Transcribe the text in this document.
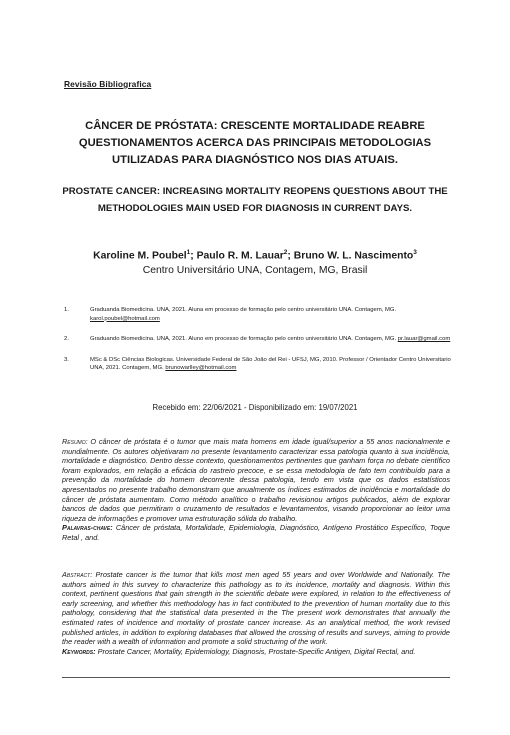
Revisão Bibliografica
CÂNCER DE PRÓSTATA: CRESCENTE MORTALIDADE REABRE QUESTIONAMENTOS ACERCA DAS PRINCIPAIS METODOLOGIAS UTILIZADAS PARA DIAGNÓSTICO NOS DIAS ATUAIS.
PROSTATE CANCER: INCREASING MORTALITY REOPENS QUESTIONS ABOUT THE METHODOLOGIES MAIN USED FOR DIAGNOSIS IN CURRENT DAYS.
Karoline M. Poubel$^1$; Paulo R. M. Lauar$^2$; Bruno W. L. Nascimento$^3$
Centro Universitário UNA, Contagem, MG, Brasil
1.	Graduanda Biomedicina. UNA, 2021. Aluna em processo de formação pelo centro universitário UNA. Contagem, MG. karol.poubel@hotmail.com
2.	Graduando Biomedicina. UNA, 2021. Aluno em processo de formação pelo centro universitário UNA. Contagem, MG. pr.lauar@gmail.com
3.	MSc & DSc Ciências Biologicas. Universidade Federal de São João del Rei - UFSJ, MG, 2010. Professor / Orientador Centro Universitario UNA, 2021. Contagem, MG. brunowarlley@hotmail.com
Recebido em: 22/06/2021 - Disponibilizado em: 19/07/2021
Resumo: O câncer de próstata é o tumor que mais mata homens em idade igual/superior a 55 anos nacionalmente e mundialmente. Os autores objetivaram no presente levantamento caracterizar essa patologia quanto à sua incidência, mortalidade e diagnóstico. Dentro desse contexto, questionamentos pertinentes que ganham força no debate científico foram explorados, em relação a eficácia do rastreio precoce, e se essa metodologia de fato tem contribuído para a prevenção da mortalidade do homem decorrente dessa patologia, tendo em vista que os dados estatísticos apresentados no presente trabalho demonstram que anualmente os índices estimados de incidência e mortalidade do câncer de próstata aumentam. Como método analítico o trabalho revisionou artigos publicados, além de explorar bancos de dados que permitiram o cruzamento de resultados e levantamentos, visando proporcionar ao leitor uma riqueza de informações e promover uma estruturação sólida do trabalho.
Palavras-chave: Câncer de próstata, Mortalidade, Epidemiologia, Diagnóstico, Antígeno Prostático Específico, Toque Retal , and.
Abstract: Prostate cancer is the tumor that kills most men aged 55 years and over Worldwide and Nationally. The authors aimed in this survey to characterize this pathology as to its incidence, mortality and diagnosis. Within this context, pertinent questions that gain strength in the scientific debate were explored, in relation to the effectiveness of early screening, and whether this methodology has in fact contributed to the prevention of human mortality due to this pathology, considering that the statistical data presented in the The present work demonstrates that annually the estimated rates of incidence and mortality of prostate cancer increase. As an analytical method, the work revised published articles, in addition to exploring databases that allowed the crossing of results and surveys, aiming to provide the reader with a wealth of information and promote a solid structuring of the work.
Keywords: Prostate Cancer, Mortality, Epidemiology, Diagnosis, Prostate-Specific Antigen, Digital Rectal, and.
